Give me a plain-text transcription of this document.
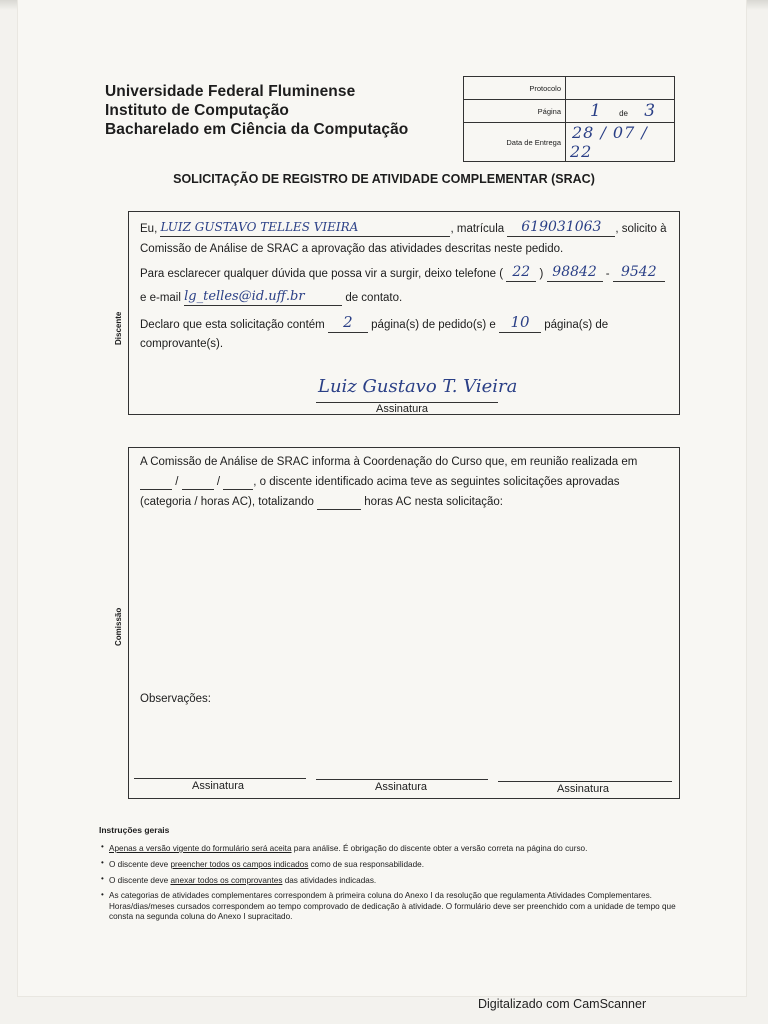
Universidade Federal Fluminense
Instituto de Computação
Bacharelado em Ciência da Computação
Protocolo	
Página	1 de 3
Data de Entrega	28 / 07 / 22
SOLICITAÇÃO DE REGISTRO DE ATIVIDADE COMPLEMENTAR (SRAC)
Discente
Eu, LUIZ GUSTAVO TELLES VIEIRA	, matrícula 619031063 , solicito à
Comissão de Análise de SRAC a aprovação das atividades descritas neste pedido.
Para esclarecer qualquer dúvida que possa vir a surgir, deixo telefone ( 22 ) 98842 - 9542
e e-mail lg_telles@id.uff.br	de contato.
Declaro que esta solicitação contém 2 página(s) de pedido(s) e 10 página(s) de
comprovante(s).
Luiz Gustavo T. Vieira
Assinatura
Comissão
A Comissão de Análise de SRAC informa à Coordenação do Curso que, em reunião realizada em
/	/	, o discente identificado acima teve as seguintes solicitações aprovadas
(categoria / horas AC), totalizando	horas AC nesta solicitação:
Observações:
Assinatura	Assinatura	Assinatura
Instruções gerais
• Apenas a versão vigente do formulário será aceita para análise. É obrigação do discente obter a versão correta na página do curso.
• O discente deve preencher todos os campos indicados como de sua responsabilidade.
• O discente deve anexar todos os comprovantes das atividades indicadas.
• As categorias de atividades complementares correspondem à primeira coluna do Anexo I da resolução que regulamenta Atividades Complementares. Horas/dias/meses cursados correspondem ao tempo comprovado de dedicação à atividade. O formulário deve ser preenchido com a unidade de tempo que consta na segunda coluna do Anexo I supracitado.
Digitalizado com CamScanner
